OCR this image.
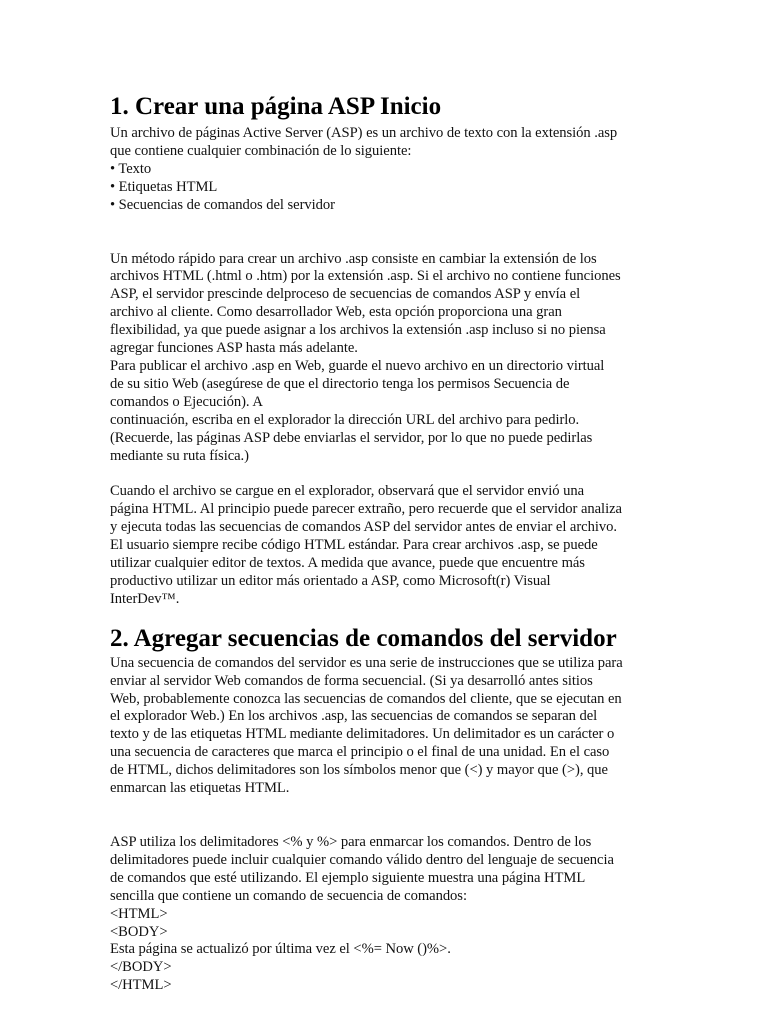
1. Crear una página ASP Inicio
Un archivo de páginas Active Server (ASP) es un archivo de texto con la extensión .asp
que contiene cualquier combinación de lo siguiente:
• Texto
• Etiquetas HTML
• Secuencias de comandos del servidor
Un método rápido para crear un archivo .asp consiste en cambiar la extensión de los
archivos HTML (.html o .htm) por la extensión .asp. Si el archivo no contiene funciones
ASP, el servidor prescinde delproceso de secuencias de comandos ASP y envía el
archivo al cliente. Como desarrollador Web, esta opción proporciona una gran
flexibilidad, ya que puede asignar a los archivos la extensión .asp incluso si no piensa
agregar funciones ASP hasta más adelante.
Para publicar el archivo .asp en Web, guarde el nuevo archivo en un directorio virtual
de su sitio Web (asegúrese de que el directorio tenga los permisos Secuencia de
comandos o Ejecución). A
continuación, escriba en el explorador la dirección URL del archivo para pedirlo.
(Recuerde, las páginas ASP debe enviarlas el servidor, por lo que no puede pedirlas
mediante su ruta física.)
Cuando el archivo se cargue en el explorador, observará que el servidor envió una
página HTML. Al principio puede parecer extraño, pero recuerde que el servidor analiza
y ejecuta todas las secuencias de comandos ASP del servidor antes de enviar el archivo.
El usuario siempre recibe código HTML estándar. Para crear archivos .asp, se puede
utilizar cualquier editor de textos. A medida que avance, puede que encuentre más
productivo utilizar un editor más orientado a ASP, como Microsoft(r) Visual
InterDev™.
2. Agregar secuencias de comandos del servidor
Una secuencia de comandos del servidor es una serie de instrucciones que se utiliza para
enviar al servidor Web comandos de forma secuencial. (Si ya desarrolló antes sitios
Web, probablemente conozca las secuencias de comandos del cliente, que se ejecutan en
el explorador Web.) En los archivos .asp, las secuencias de comandos se separan del
texto y de las etiquetas HTML mediante delimitadores. Un delimitador es un carácter o
una secuencia de caracteres que marca el principio o el final de una unidad. En el caso
de HTML, dichos delimitadores son los símbolos menor que (<) y mayor que (>), que
enmarcan las etiquetas HTML.
ASP utiliza los delimitadores <% y %> para enmarcar los comandos. Dentro de los
delimitadores puede incluir cualquier comando válido dentro del lenguaje de secuencia
de comandos que esté utilizando. El ejemplo siguiente muestra una página HTML
sencilla que contiene un comando de secuencia de comandos:
<HTML>
<BODY>
Esta página se actualizó por última vez el <%= Now ()%>.
</BODY>
</HTML>
